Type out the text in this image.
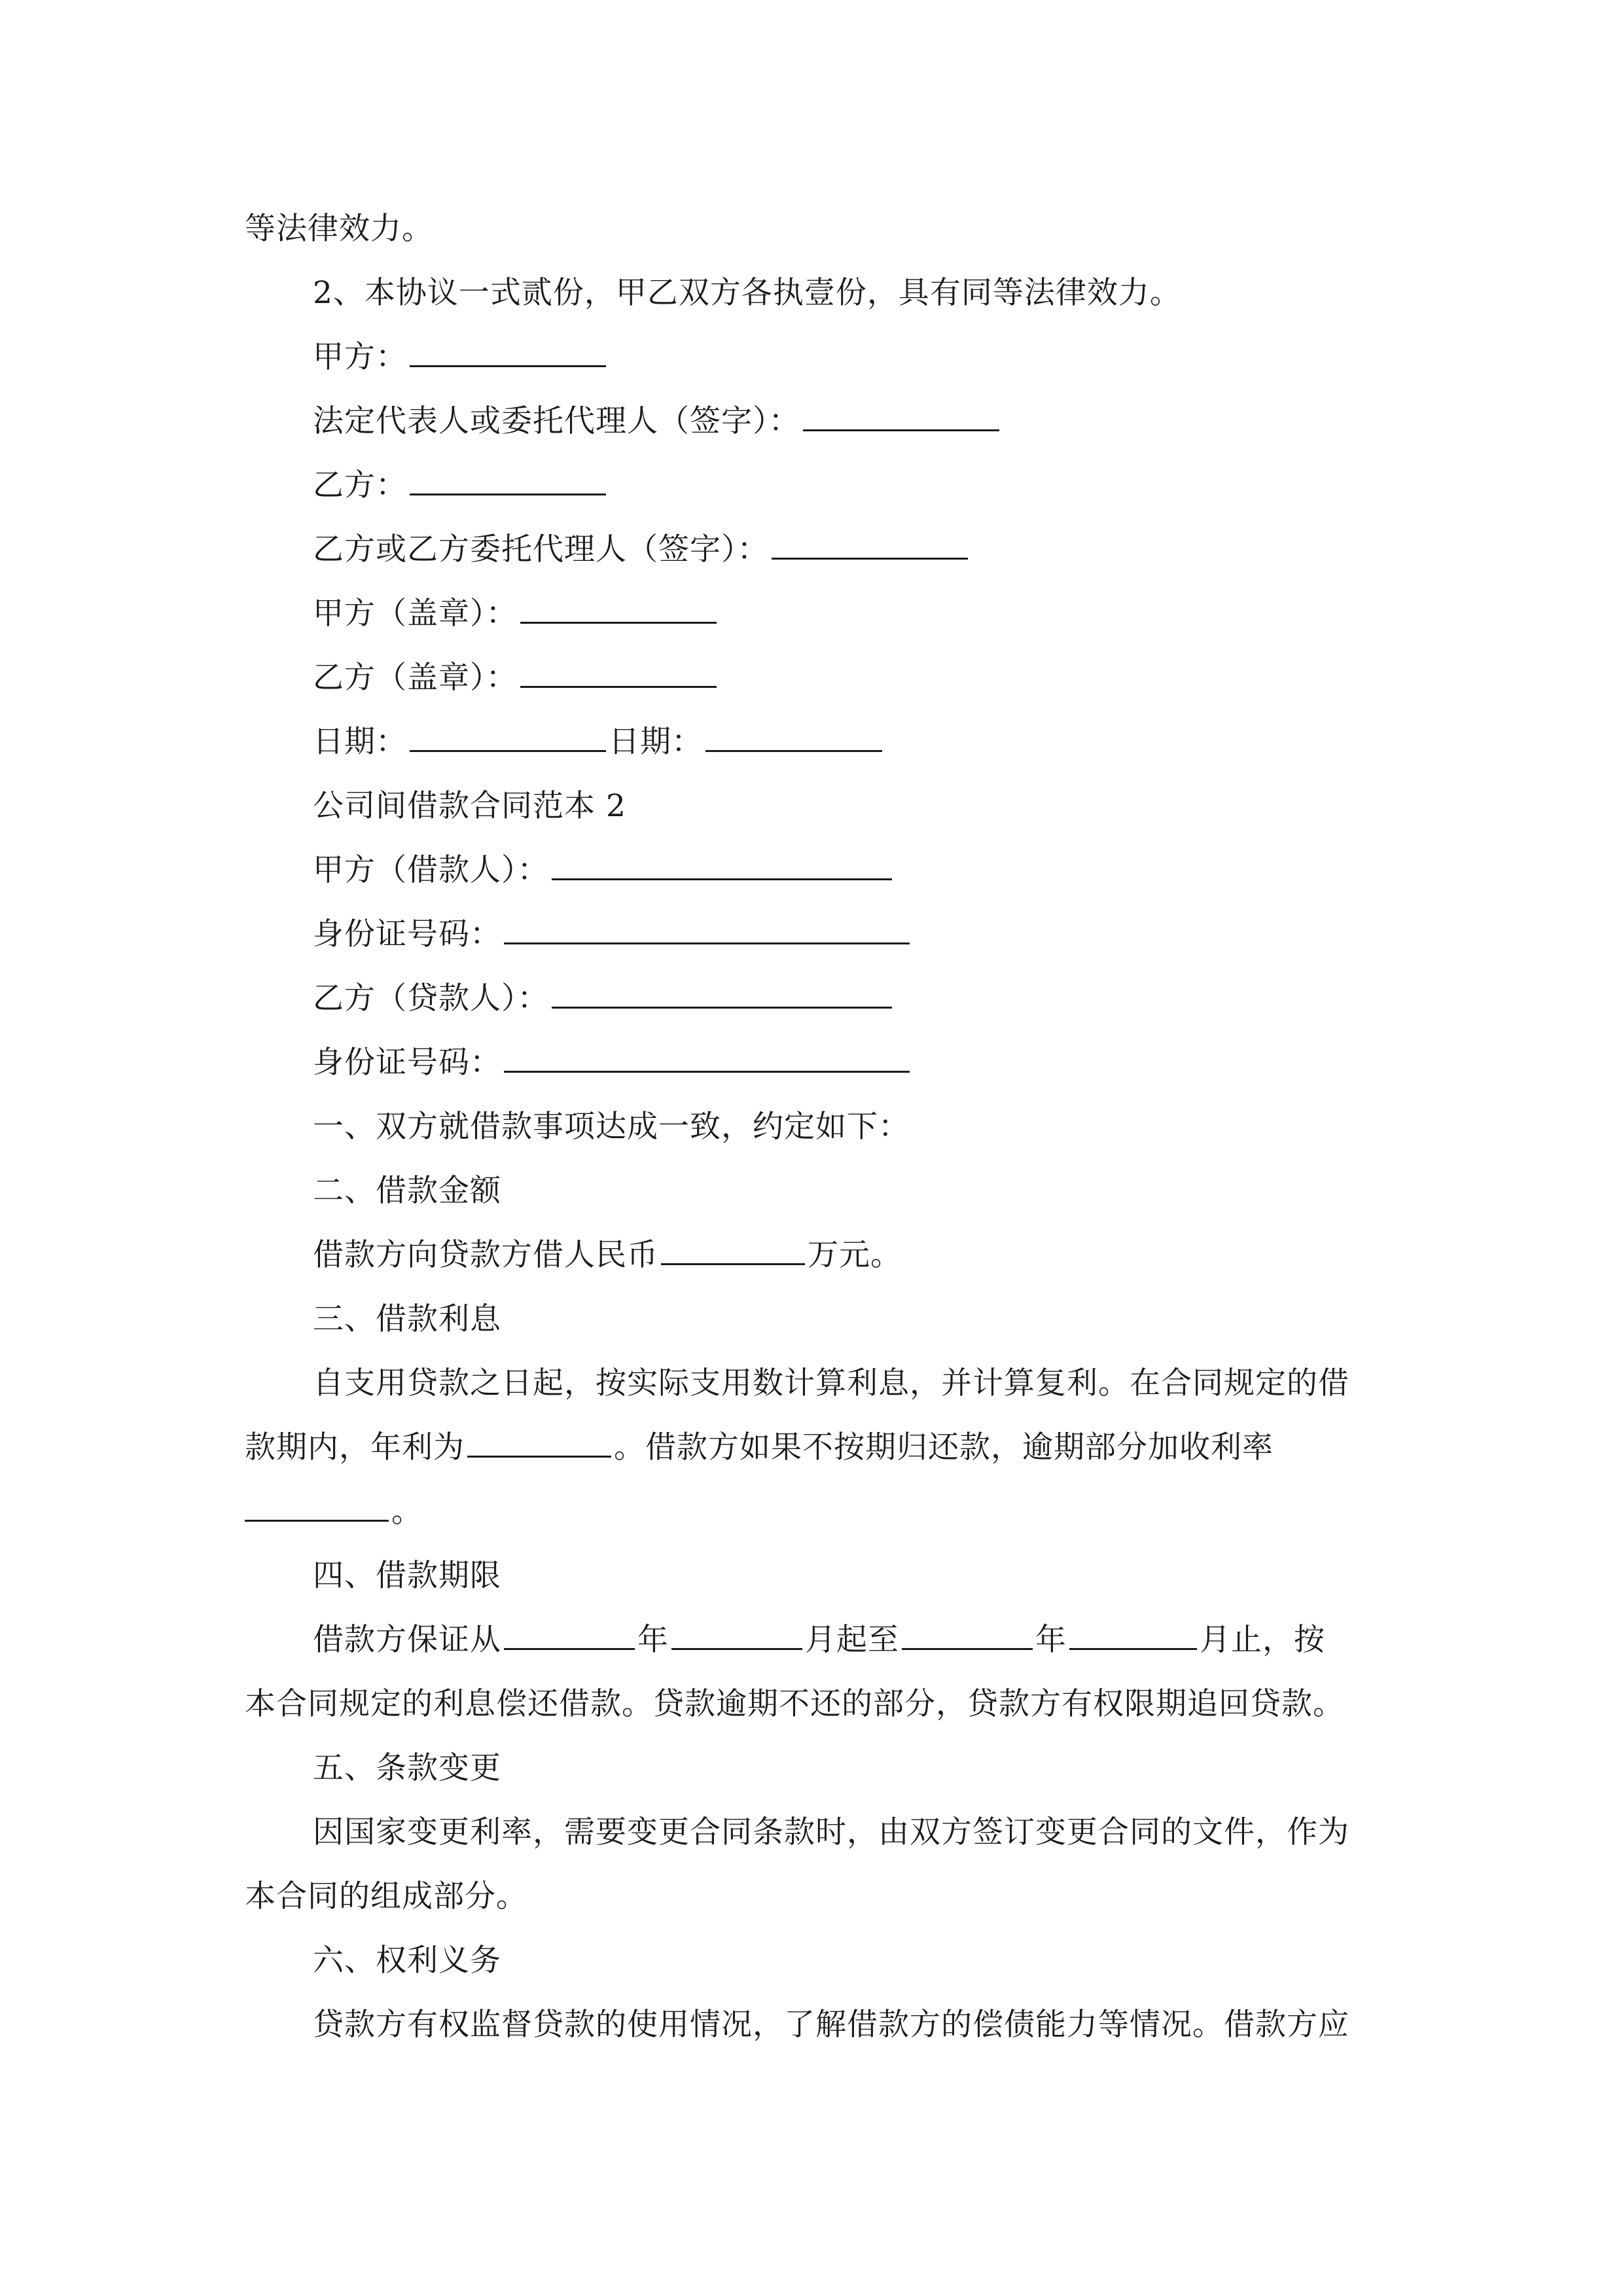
等法律效力。
2、本协议一式贰份，甲乙双方各执壹份，具有同等法律效力。
甲方：
法定代表人或委托代理人（签字）：
乙方：
乙方或乙方委托代理人（签字）：
甲方（盖章）：
乙方（盖章）：
日期：	日期：
公司间借款合同范本 2
甲方（借款人）：
身份证号码：
乙方（贷款人）：
身份证号码：
一、双方就借款事项达成一致，约定如下：
二、借款金额
借款方向贷款方借人民币	万元。
三、借款利息
自支用贷款之日起，按实际支用数计算利息，并计算复利。在合同规定的借
款期内，年利为	。借款方如果不按期归还款，逾期部分加收利率
。
四、借款期限
借款方保证从	年	月起至	年	月止，按
本合同规定的利息偿还借款。贷款逾期不还的部分，贷款方有权限期追回贷款。
五、条款变更
因国家变更利率，需要变更合同条款时，由双方签订变更合同的文件，作为
本合同的组成部分。
六、权利义务
贷款方有权监督贷款的使用情况，了解借款方的偿债能力等情况。借款方应
